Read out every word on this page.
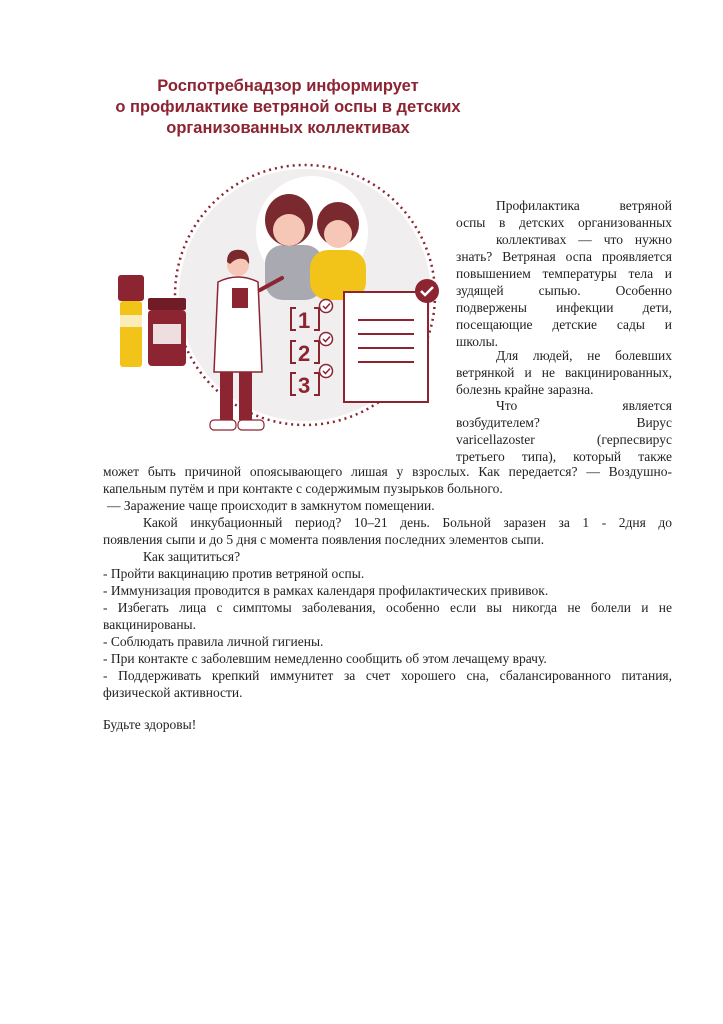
Роспотребнадзор информирует
о профилактике ветряной оспы в детских
организованных коллективах
1
2
3
Профилактика ветряной
оспы в детских организованных
коллективах — что нужно
знать? Ветряная оспа проявляется
повышением температуры тела и
зудящей сыпью. Особенно
подвержены инфекции дети,
посещающие детские сады и
школы.
Для людей, не болевших
ветрянкой и не вакцинированных,
болезнь крайне заразна.
Что является
возбудителем? Вирус
varicellazoster (герпесвирус
третьего типа), который также
может быть причиной опоясывающего лишая у взрослых. Как передается? — Воздушно-
капельным путём и при контакте с содержимым пузырьков больного.
— Заражение чаще происходит в замкнутом помещении.
Какой инкубационный период? 10–21 день. Больной заразен за 1 - 2дня до
появления сыпи и до 5 дня с момента появления последних элементов сыпи.
Как защититься?
- Пройти вакцинацию против ветряной оспы.
- Иммунизация проводится в рамках календаря профилактических прививок.
- Избегать лица с симптомы заболевания, особенно если вы никогда не болели и не
вакцинированы.
- Соблюдать правила личной гигиены.
- При контакте с заболевшим немедленно сообщить об этом лечащему врачу.
- Поддерживать крепкий иммунитет за счет хорошего сна, сбалансированного питания,
физической активности.
Будьте здоровы!
